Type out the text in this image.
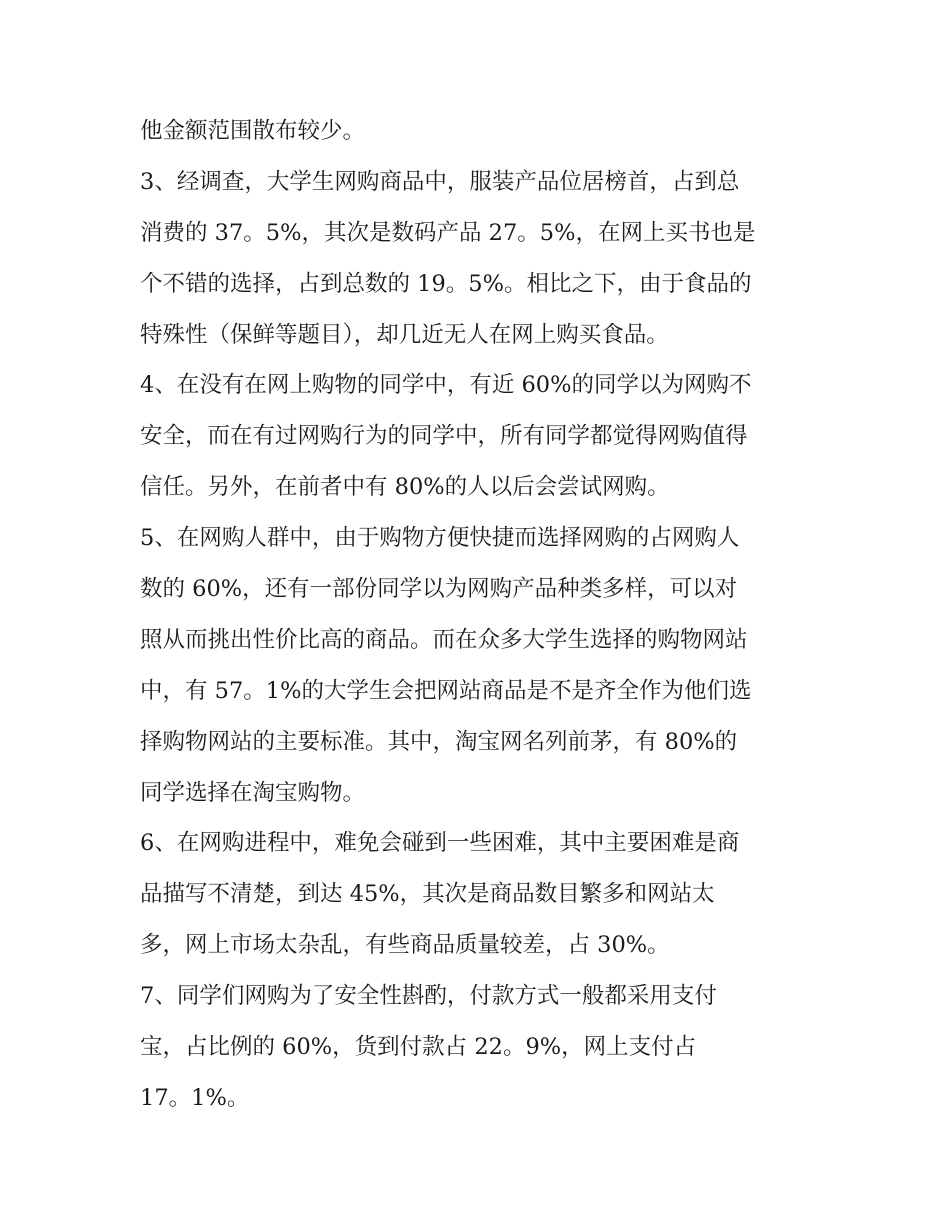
他金额范围散布较少。
3、经调查，大学生网购商品中，服装产品位居榜首，占到总
消费的 37。5%，其次是数码产品 27。5%，在网上买书也是
个不错的选择，占到总数的 19。5%。相比之下，由于食品的
特殊性（保鲜等题目），却几近无人在网上购买食品。
4、在没有在网上购物的同学中，有近 60%的同学以为网购不
安全，而在有过网购行为的同学中，所有同学都觉得网购值得
信任。另外，在前者中有 80%的人以后会尝试网购。
5、在网购人群中，由于购物方便快捷而选择网购的占网购人
数的 60%，还有一部份同学以为网购产品种类多样，可以对
照从而挑出性价比高的商品。而在众多大学生选择的购物网站
中，有 57。1%的大学生会把网站商品是不是齐全作为他们选
择购物网站的主要标准。其中，淘宝网名列前茅，有 80%的
同学选择在淘宝购物。
6、在网购进程中，难免会碰到一些困难，其中主要困难是商
品描写不清楚，到达 45%，其次是商品数目繁多和网站太
多，网上市场太杂乱，有些商品质量较差，占 30%。
7、同学们网购为了安全性斟酌，付款方式一般都采用支付
宝，占比例的 60%，货到付款占 22。9%，网上支付占
17。1%。
